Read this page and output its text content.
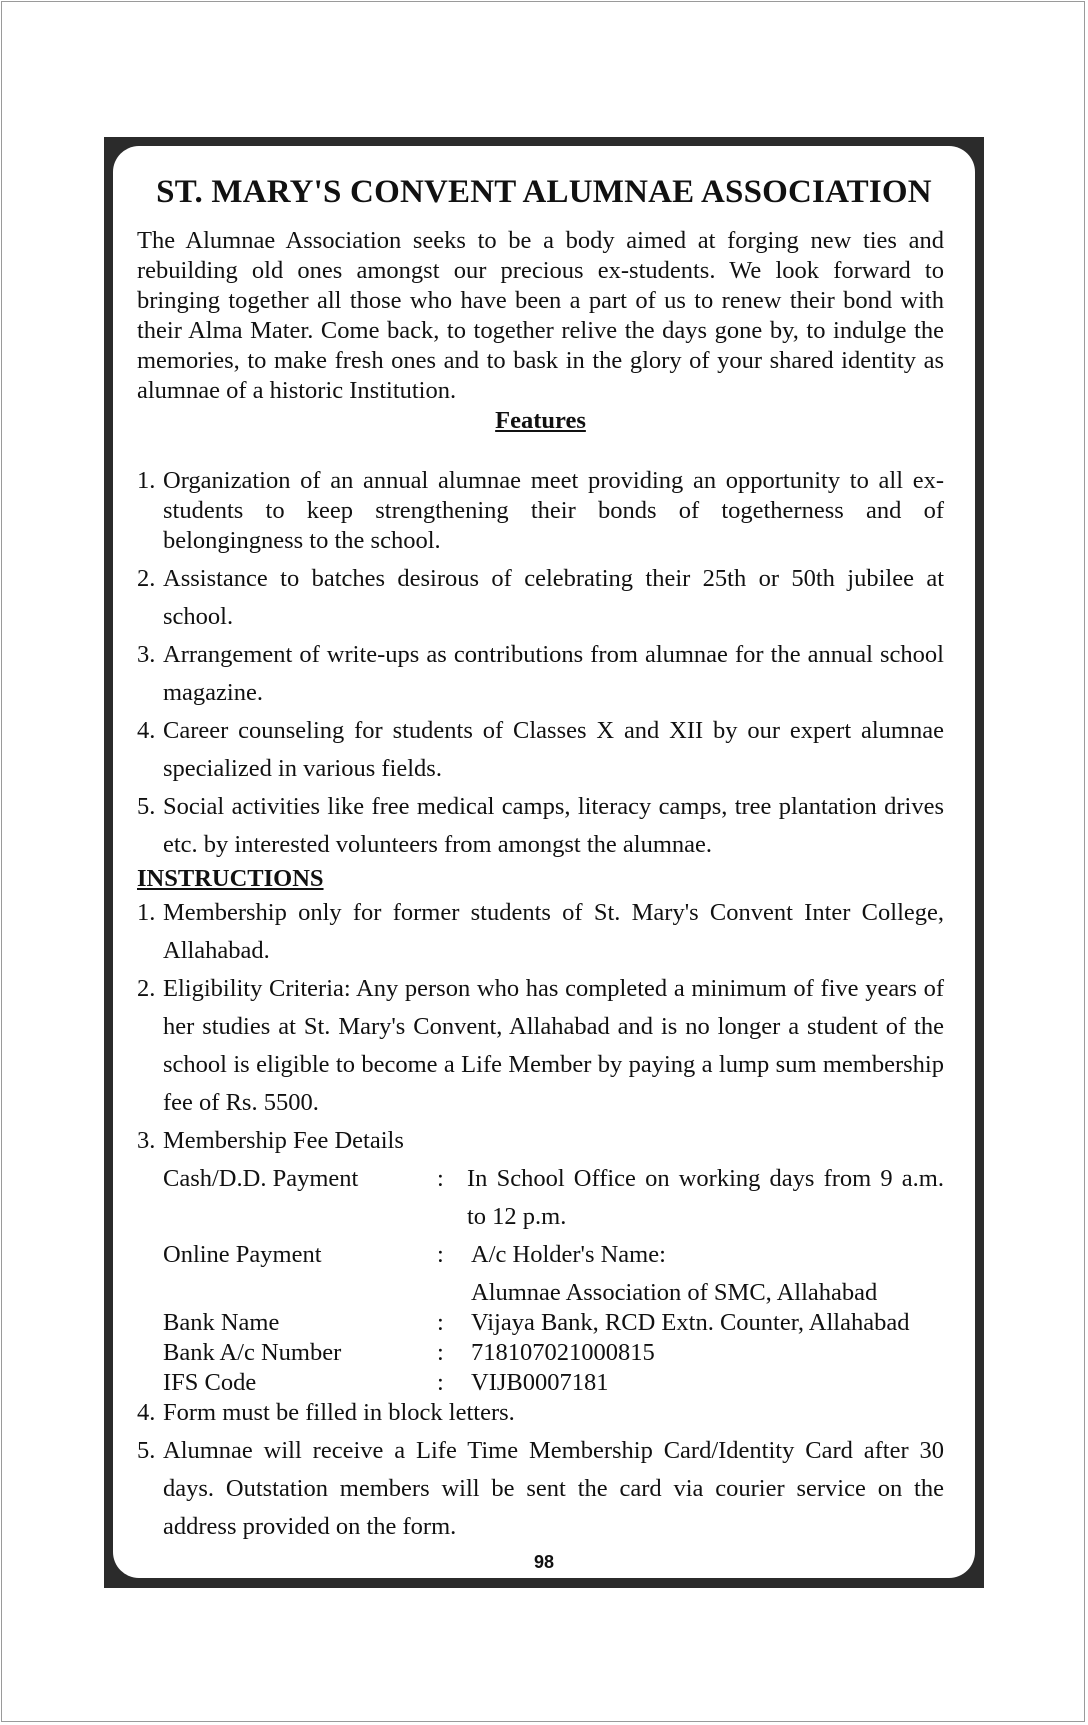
ST. MARY'S CONVENT ALUMNAE ASSOCIATION

The Alumnae Association seeks to be a body aimed at forging new ties and rebuilding old ones amongst our precious ex-students. We look forward to bringing together all those who have been a part of us to renew their bond with their Alma Mater. Come back, to together relive the days gone by, to indulge the memories, to make fresh ones and to bask in the glory of your shared identity as alumnae of a historic Institution.

Features

1. Organization of an annual alumnae meet providing an opportunity to all ex-students to keep strengthening their bonds of togetherness and of belongingness to the school.
2. Assistance to batches desirous of celebrating their 25th or 50th jubilee at school.
3. Arrangement of write-ups as contributions from alumnae for the annual school magazine.
4. Career counseling for students of Classes X and XII by our expert alumnae specialized in various fields.
5. Social activities like free medical camps, literacy camps, tree plantation drives etc. by interested volunteers from amongst the alumnae.

INSTRUCTIONS

1. Membership only for former students of St. Mary's Convent Inter College, Allahabad.
2. Eligibility Criteria: Any person who has completed a minimum of five years of her studies at St. Mary's Convent, Allahabad and is no longer a student of the school is eligible to become a Life Member by paying a lump sum membership fee of Rs. 5500.
3. Membership Fee Details
Cash/D.D. Payment	: In School Office on working days from 9 a.m. to 12 p.m.
Online Payment	:	A/c Holder's Name:
Alumnae Association of SMC, Allahabad
Bank Name	:	Vijaya Bank, RCD Extn. Counter, Allahabad
Bank A/c Number	:	718107021000815
IFS Code	:	VIJB0007181
4. Form must be filled in block letters.
5. Alumnae will receive a Life Time Membership Card/Identity Card after 30 days. Outstation members will be sent the card via courier service on the address provided on the form.
98
